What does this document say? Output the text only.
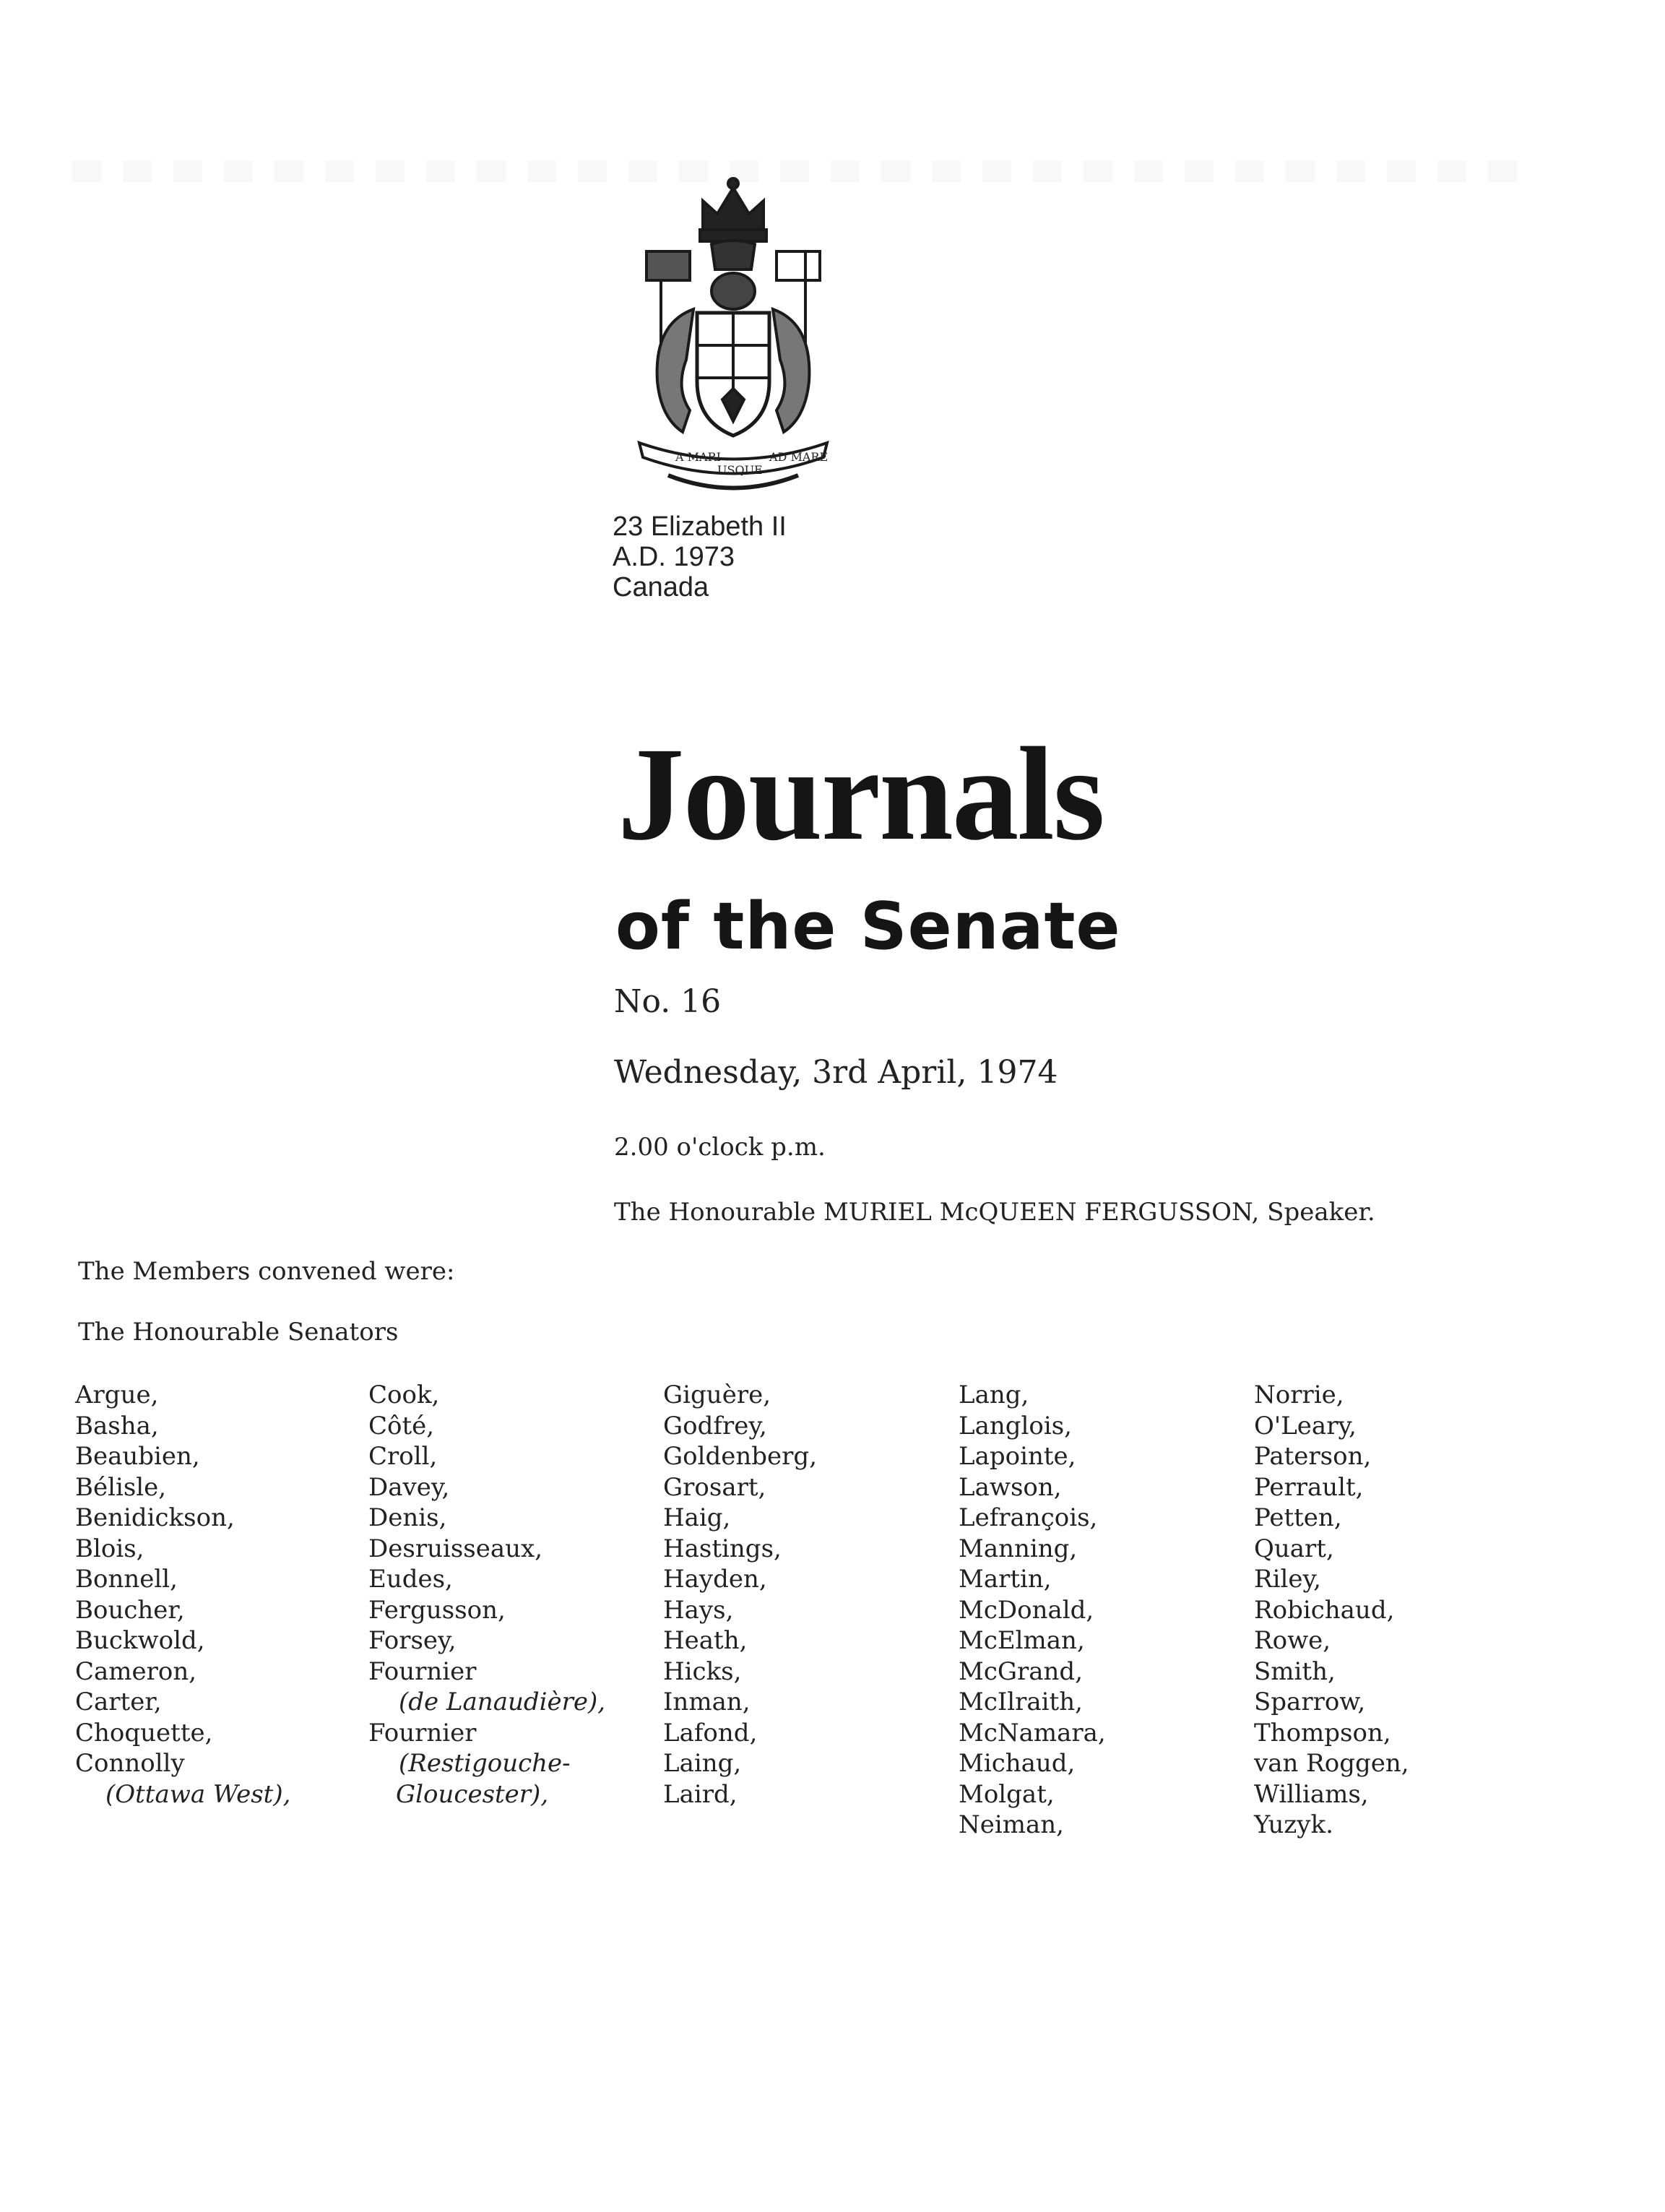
A MARI
USQUE
AD MARE
23 Elizabeth II
A.D. 1973
Canada
Journals
of the Senate
No. 16
Wednesday, 3rd April, 1974
2.00 o'clock p.m.
The Honourable MURIEL McQUEEN FERGUSSON, Speaker.
The Members convened were:
The Honourable Senators
Argue,
Basha,
Beaubien,
Bélisle,
Benidickson,
Blois,
Bonnell,
Boucher,
Buckwold,
Cameron,
Carter,
Choquette,
Connolly
(Ottawa West),
Cook,
Côté,
Croll,
Davey,
Denis,
Desruisseaux,
Eudes,
Fergusson,
Forsey,
Fournier
(de Lanaudière),
Fournier
(Restigouche-
Gloucester),
Giguère,
Godfrey,
Goldenberg,
Grosart,
Haig,
Hastings,
Hayden,
Hays,
Heath,
Hicks,
Inman,
Lafond,
Laing,
Laird,
Lang,
Langlois,
Lapointe,
Lawson,
Lefrançois,
Manning,
Martin,
McDonald,
McElman,
McGrand,
McIlraith,
McNamara,
Michaud,
Molgat,
Neiman,
Norrie,
O'Leary,
Paterson,
Perrault,
Petten,
Quart,
Riley,
Robichaud,
Rowe,
Smith,
Sparrow,
Thompson,
van Roggen,
Williams,
Yuzyk.
